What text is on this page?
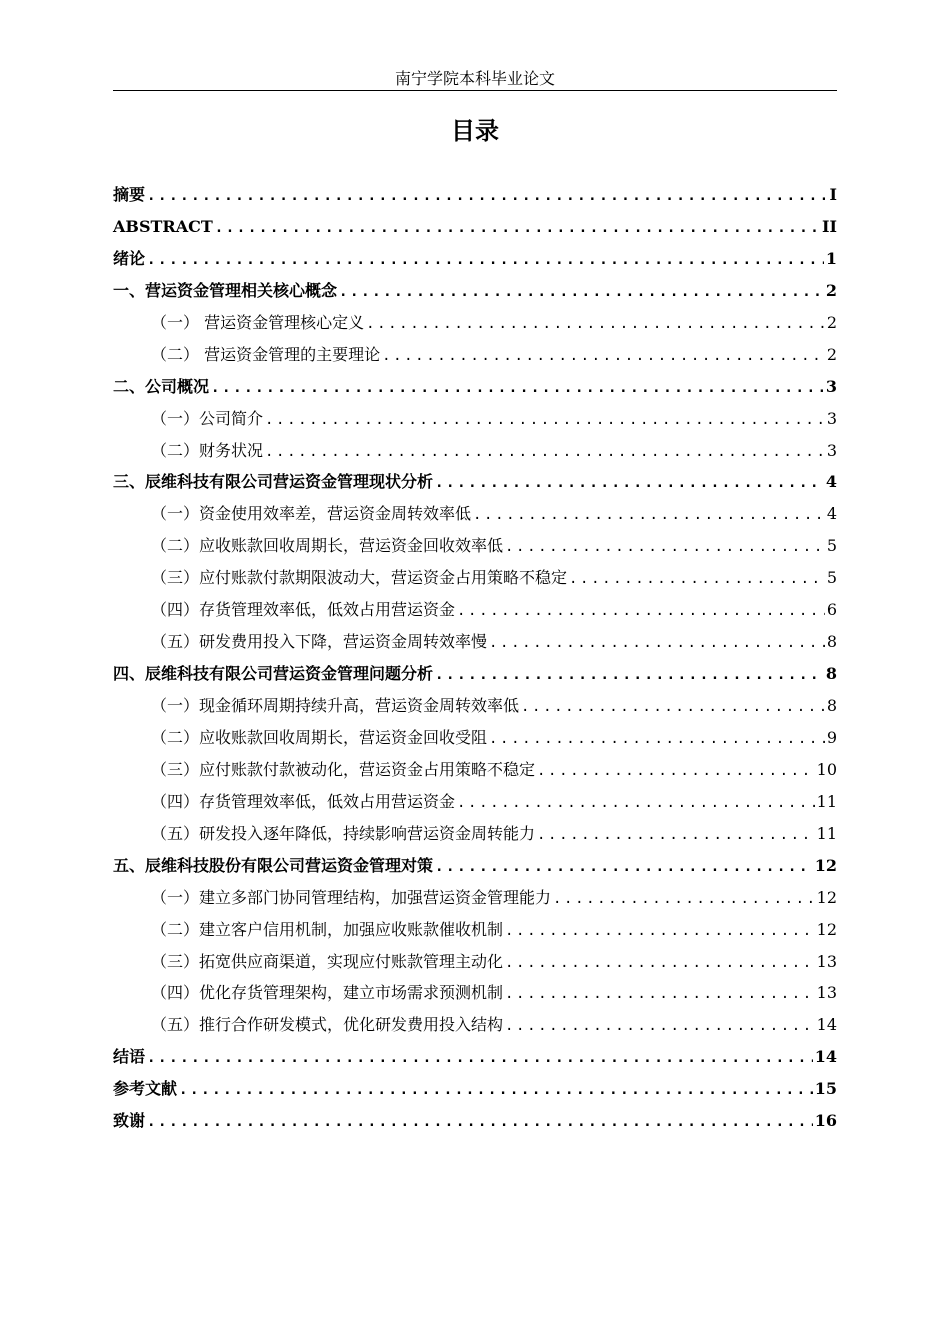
南宁学院本科毕业论文
目录
摘要 .....	I
ABSTRACT .....	II
绪论 .....	1
一、营运资金管理相关核心概念 .....	2
（一） 营运资金管理核心定义 .....	2
（二） 营运资金管理的主要理论 .....	2
二、公司概况 .....	3
（一）公司简介 .....	3
（二）财务状况 .....	3
三、辰维科技有限公司营运资金管理现状分析 .....	4
（一）资金使用效率差，营运资金周转效率低 .....	4
（二）应收账款回收周期长，营运资金回收效率低 .....	5
（三）应付账款付款期限波动大，营运资金占用策略不稳定 .....	5
（四）存货管理效率低，低效占用营运资金 .....	6
（五）研发费用投入下降，营运资金周转效率慢 .....	8
四、辰维科技有限公司营运资金管理问题分析 .....	8
（一）现金循环周期持续升高，营运资金周转效率低 .....	8
（二）应收账款回收周期长，营运资金回收受阻 .....	9
（三）应付账款付款被动化，营运资金占用策略不稳定 .....	10
（四）存货管理效率低，低效占用营运资金 .....	11
（五）研发投入逐年降低，持续影响营运资金周转能力 .....	11
五、辰维科技股份有限公司营运资金管理对策 .....	12
（一）建立多部门协同管理结构，加强营运资金管理能力 .....	12
（二）建立客户信用机制，加强应收账款催收机制 .....	12
（三）拓宽供应商渠道，实现应付账款管理主动化 .....	13
（四）优化存货管理架构，建立市场需求预测机制 .....	13
（五）推行合作研发模式，优化研发费用投入结构 .....	14
结语 .....	14
参考文献 .....	15
致谢 .....	16
